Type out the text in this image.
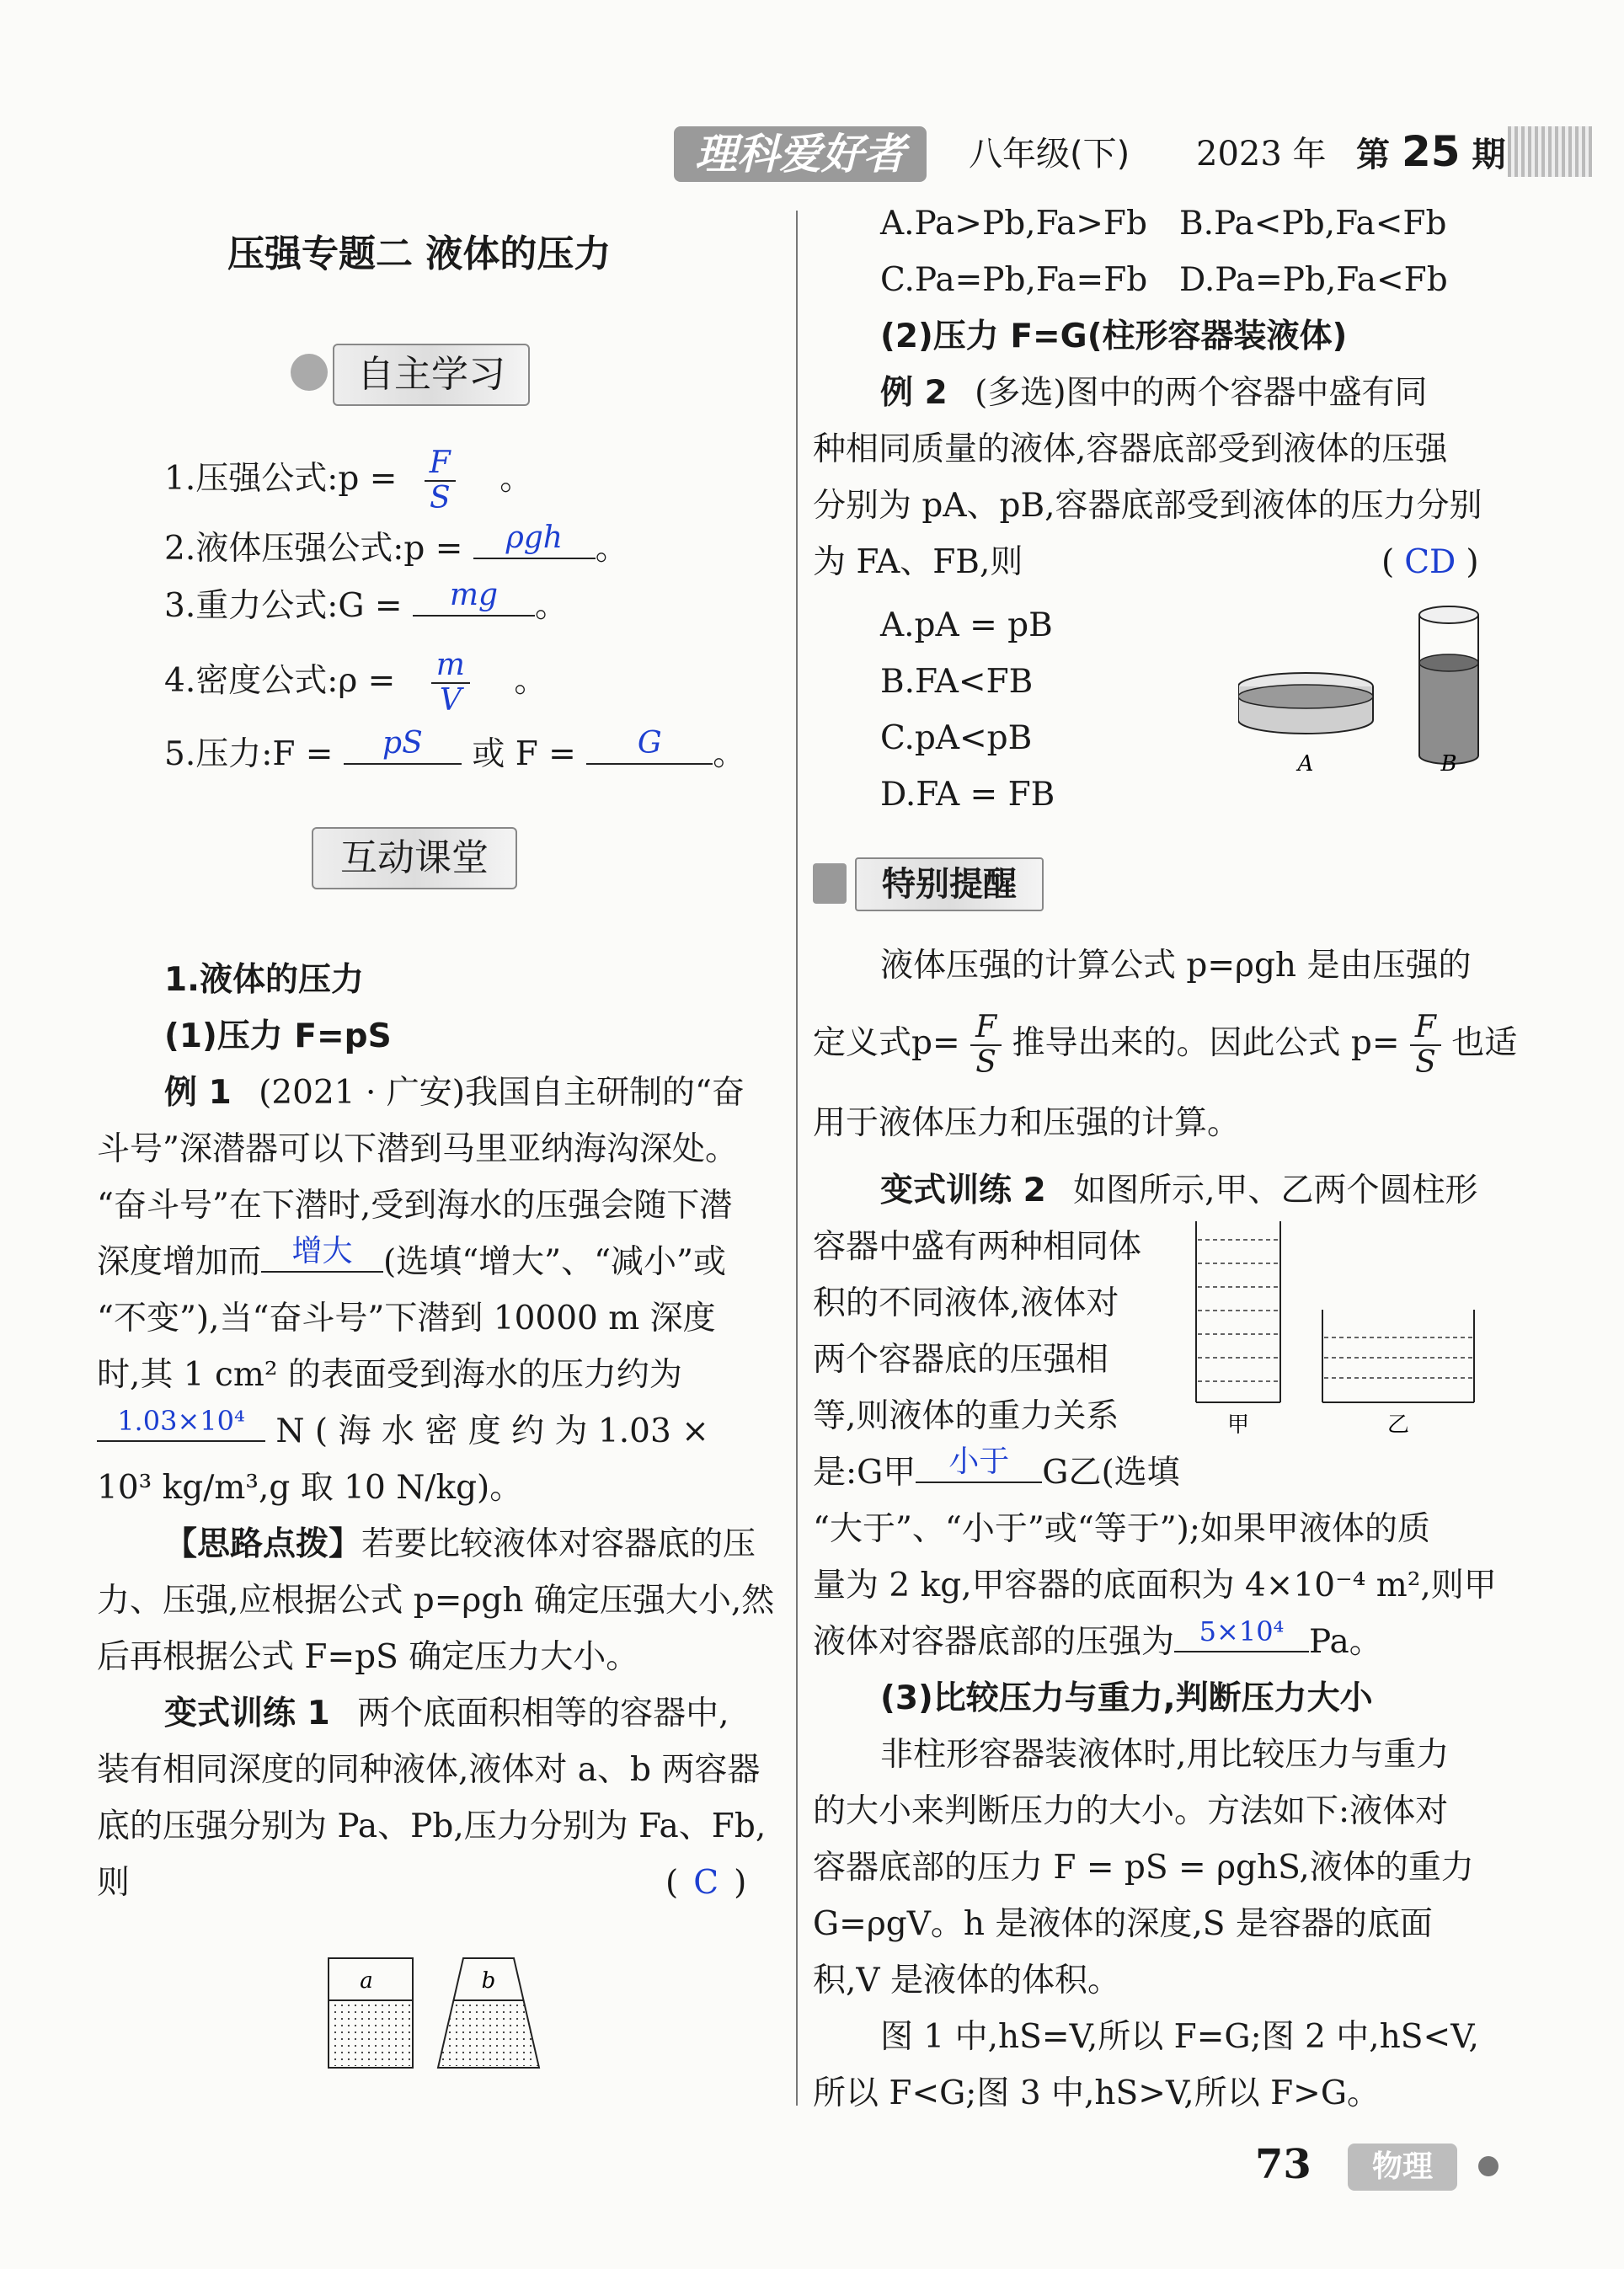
理科爱好者	八年级(下) 2023 年 第 25 期
压强专题二 液体的压力
自主学习
1.压强公式:p = $\frac{F}{S}$ 。
2.液体压强公式:p = ρgh 。
3.重力公式:G = mg 。
4.密度公式:ρ = $\frac{m}{V}$ 。
5.压力:F = pS 或 F = G 。
互动课堂
1.液体的压力
(1)压力 F=pS
例 1 (2021 · 广安)我国自主研制的“奋
斗号”深潜器可以下潜到马里亚纳海沟深处。
“奋斗号”在下潜时,受到海水的压强会随下潜
深度增加而 增大 (选填“增大”、“减小”或
“不变”),当“奋斗号”下潜到 10000 m 深度
时,其 1 cm² 的表面受到海水的压力约为
$^{1.03\times 10^4}$ N ( 海 水 密 度 约 为 1.03 ×
10³ kg/m³,g 取 10 N/kg)。
【思路点拨】若要比较液体对容器底的压
力、压强,应根据公式 p=ρgh 确定压强大小,然
后再根据公式 F=pS 确定压力大小。
变式训练 1 两个底面积相等的容器中,
装有相同深度的同种液体,液体对 a、b 两容器
底的压强分别为 Pa、Pb,压力分别为 Fa、Fb,
则	( C )
a	b
A.Pa>Pb,Fa>Fb B.Pa<Pb,Fa<Fb
C.Pa=Pb,Fa=Fb D.Pa=Pb,Fa<Fb
(2)压力 F=G(柱形容器装液体)
例 2 (多选)图中的两个容器中盛有同
种相同质量的液体,容器底部受到液体的压强
分别为 pA、pB,容器底部受到液体的压力分别
为 FA、FB,则	( CD )
A.pA = pB
B.FA<FB
C.pA<pB
D.FA = FB
A	B
特别提醒
液体压强的计算公式 p=ρgh 是由压强的
定义式$p= \frac{F}{S}$ 推导出来的。因此公式 $p= \frac{F}{S}$ 也适
用于液体压力和压强的计算。
变式训练 2 如图所示,甲、乙两个圆柱形
容器中盛有两种相同体
积的不同液体,液体对
两个容器底的压强相
等,则液体的重力关系
是:G甲 小于 G乙(选填
“大于”、“小于”或“等于”);如果甲液体的质
量为 2 kg,甲容器的底面积为 4×10⁻⁴ m²,则甲
液体对容器底部的压强为 $^{5\times 10^4}$ Pa。
甲	乙
(3)比较压力与重力,判断压力大小
非柱形容器装液体时,用比较压力与重力
的大小来判断压力的大小。方法如下:液体对
容器底部的压力 F = pS = ρghS,液体的重力
G=ρgV。h 是液体的深度,S 是容器的底面
积,V 是液体的体积。
图 1 中,hS=V,所以 F=G;图 2 中,hS<V,
所以 F<G;图 3 中,hS>V,所以 F>G。
73	物理
